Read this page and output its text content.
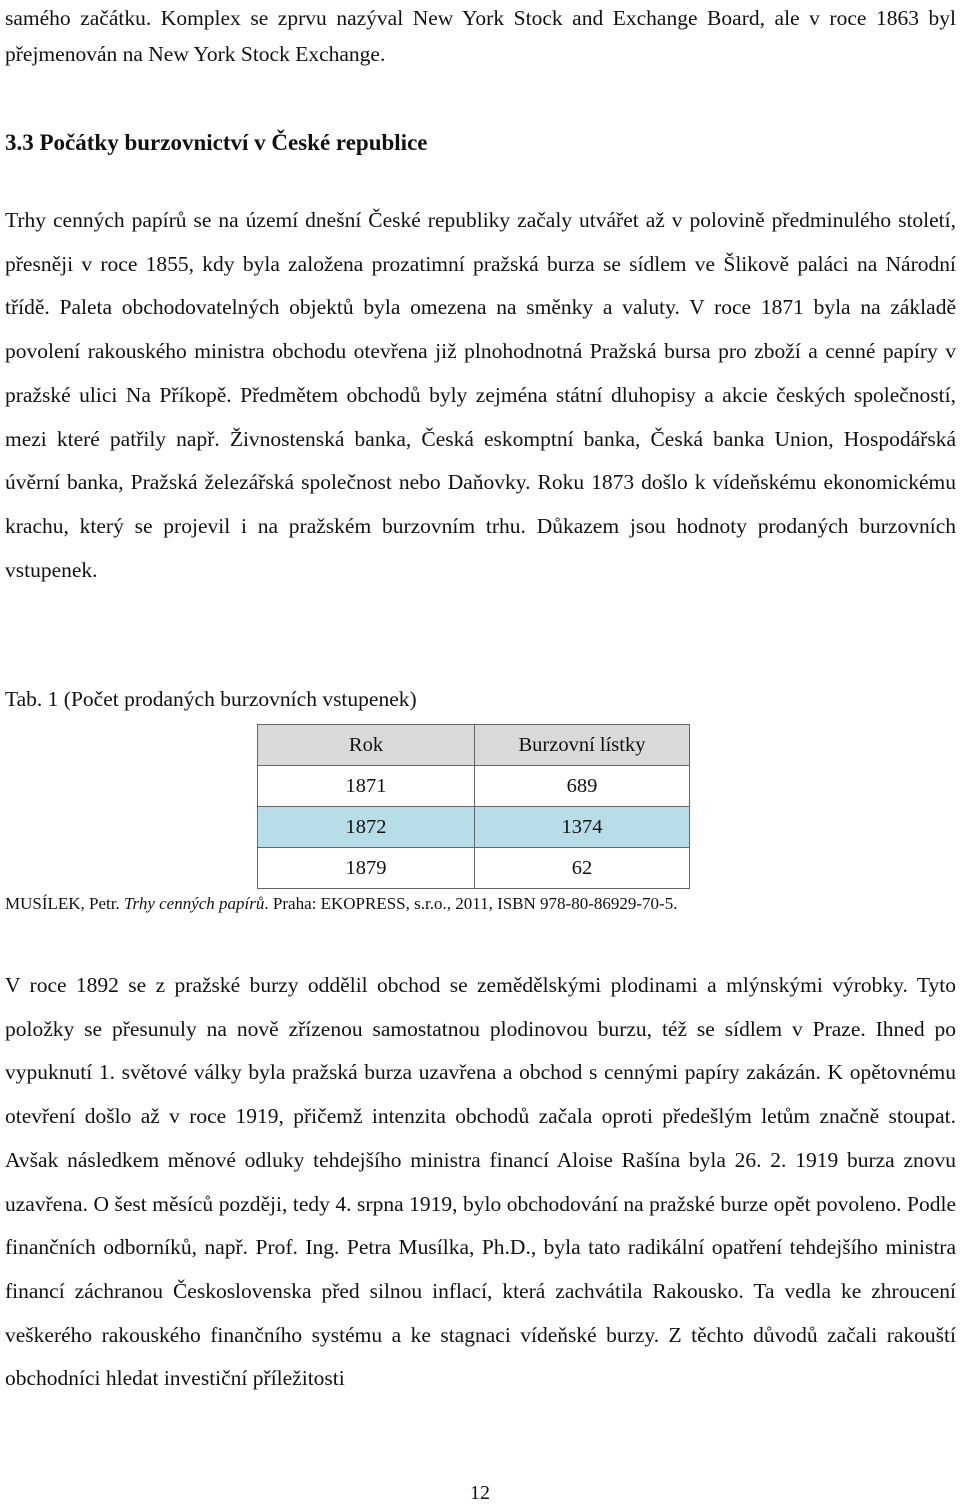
samého začátku. Komplex se zprvu nazýval New York Stock and Exchange Board, ale v roce 1863 byl přejmenován na New York Stock Exchange.

3.3 Počátky burzovnictví v České republice

Trhy cenných papírů se na území dnešní České republiky začaly utvářet až v polovině předminulého století, přesněji v roce 1855, kdy byla založena prozatimní pražská burza se sídlem ve Šlikově paláci na Národní třídě. Paleta obchodovatelných objektů byla omezena na směnky a valuty. V roce 1871 byla na základě povolení rakouského ministra obchodu otevřena již plnohodnotná Pražská bursa pro zboží a cenné papíry v pražské ulici Na Příkopě. Předmětem obchodů byly zejména státní dluhopisy a akcie českých společností, mezi které patřily např. Živnostenská banka, Česká eskomptní banka, Česká banka Union, Hospodářská úvěrní banka, Pražská železářská společnost nebo Daňovky. Roku 1873 došlo k vídeňskému ekonomickému krachu, který se projevil i na pražském burzovním trhu. Důkazem jsou hodnoty prodaných burzovních vstupenek.

Tab. 1 (Počet prodaných burzovních vstupenek)

Rok	Burzovní lístky
1871	689
1872	1374
1879	62

MUSÍLEK, Petr. Trhy cenných papírů. Praha: EKOPRESS, s.r.o., 2011, ISBN 978-80-86929-70-5.

V roce 1892 se z pražské burzy oddělil obchod se zemědělskými plodinami a mlýnskými výrobky. Tyto položky se přesunuly na nově zřízenou samostatnou plodinovou burzu, též se sídlem v Praze. Ihned po vypuknutí 1. světové války byla pražská burza uzavřena a obchod s cennými papíry zakázán. K opětovnému otevření došlo až v roce 1919, přičemž intenzita obchodů začala oproti předešlým letům značně stoupat. Avšak následkem měnové odluky tehdejšího ministra financí Aloise Rašína byla 26. 2. 1919 burza znovu uzavřena. O šest měsíců později, tedy 4. srpna 1919, bylo obchodování na pražské burze opět povoleno. Podle finančních odborníků, např. Prof. Ing. Petra Musílka, Ph.D., byla tato radikální opatření tehdejšího ministra financí záchranou Československa před silnou inflací, která zachvátila Rakousko. Ta vedla ke zhroucení veškerého rakouského finančního systému a ke stagnaci vídeňské burzy. Z těchto důvodů začali rakouští obchodníci hledat investiční příležitosti

12
